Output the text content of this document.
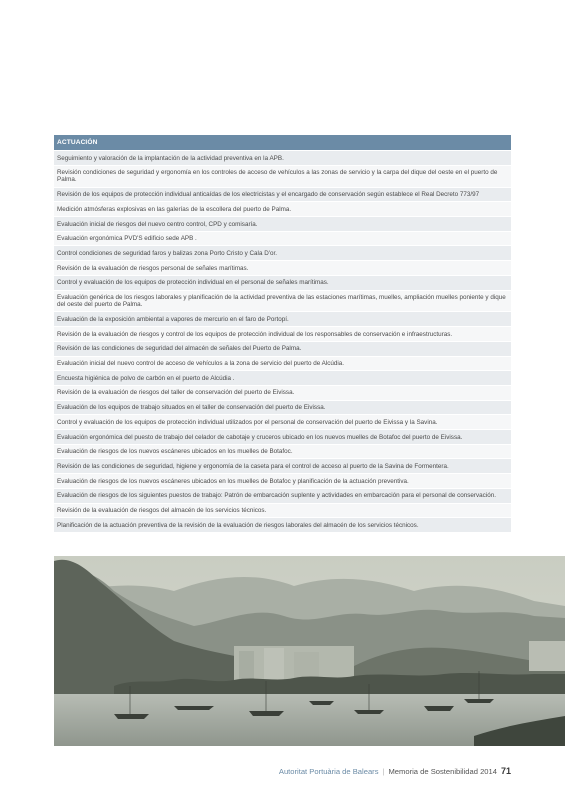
ACTUACIÓN
Seguimiento y valoración de la implantación de la actividad preventiva en la APB.
Revisión condiciones de seguridad y ergonomía en los controles de acceso de vehículos a las zonas de servicio y la carpa del dique del oeste en el puerto de Palma.
Revisión de los equipos de protección individual anticaídas de los electricistas y el encargado de conservación según establece el Real Decreto 773/97
Medición atmósferas explosivas en las galerías de la escollera del puerto de Palma.
Evaluación inicial de riesgos del nuevo centro control, CPD y comisaría.
Evaluación ergonómica PVD'S edificio sede APB .
Control condiciones de seguridad faros y balizas zona Porto Cristo y Cala D'or.
Revisión de la evaluación de riesgos personal de señales marítimas.
Control y evaluación de los equipos de protección individual en el personal de señales marítimas.
Evaluación genérica de los riesgos laborales y planificación de la actividad preventiva de las estaciones marítimas, muelles, ampliación muelles poniente y dique del oeste del puerto de Palma.
Evaluación de la exposición ambiental a vapores de mercurio en el faro de Portopí.
Revisión de la evaluación de riesgos y control de los equipos de protección individual de los responsables de conservación e infraestructuras.
Revisión de las condiciones de seguridad del almacén de señales del Puerto de Palma.
Evaluación inicial del nuevo control de acceso de vehículos a la zona de servicio del puerto de Alcúdia.
Encuesta higiénica de polvo de carbón en el puerto de Alcúdia .
Revisión de la evaluación de riesgos del taller de conservación del puerto de Eivissa.
Evaluación de los equipos de trabajo situados en el taller de conservación del puerto de Eivissa.
Control y evaluación de los equipos de protección individual utilizados por el personal de conservación del puerto de Eivissa y la Savina.
Evaluación ergonómica del puesto de trabajo del celador de cabotaje y cruceros ubicado en los nuevos muelles de Botafoc del puerto de Eivissa.
Evaluación de riesgos de los nuevos escáneres ubicados en los muelles de Botafoc.
Revisión de las condiciones de seguridad, higiene y ergonomía de la caseta para el control de acceso al puerto de la Savina de Formentera.
Evaluación de riesgos de los nuevos escáneres ubicados en los muelles de Botafoc y planificación de la actuación preventiva.
Evaluación de riesgos de los siguientes puestos de trabajo: Patrón de embarcación suplente y actividades en embarcación para el personal de conservación.
Revisión de la evaluación de riesgos del almacén de los servicios técnicos.
Planificación de la actuación preventiva de la revisión de la evaluación de riesgos laborales del almacén de los servicios técnicos.
Autoritat Portuària de Balears | Memoria de Sostenibilidad 2014 71
